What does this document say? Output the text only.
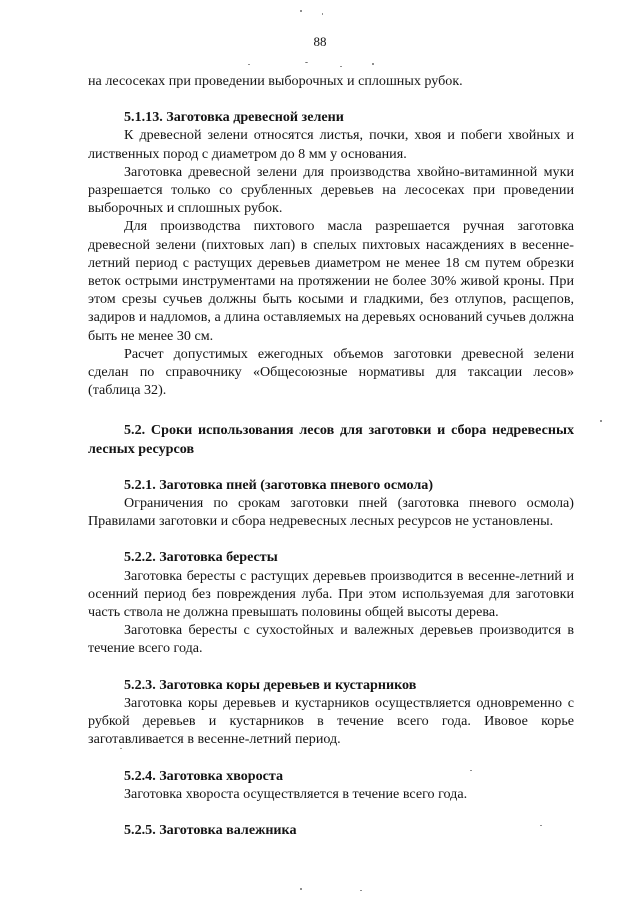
88

на лесосеках при проведении выборочных и сплошных рубок.

5.1.13. Заготовка древесной зелени

К древесной зелени относятся листья, почки, хвоя и побеги хвойных и лиственных пород с диаметром до 8 мм у основания.

Заготовка древесной зелени для производства хвойно-витаминной муки разрешается только со срубленных деревьев на лесосеках при проведении выборочных и сплошных рубок.

Для производства пихтового масла разрешается ручная заготовка древесной зелени (пихтовых лап) в спелых пихтовых насаждениях в весенне-летний период с растущих деревьев диаметром не менее 18 см путем обрезки веток острыми инструментами на протяжении не более 30% живой кроны. При этом срезы сучьев должны быть косыми и гладкими, без отлупов, расщепов, задиров и надломов, а длина оставляемых на деревьях оснований сучьев должна быть не менее 30 см.

Расчет допустимых ежегодных объемов заготовки древесной зелени сделан по справочнику «Общесоюзные нормативы для таксации лесов» (таблица 32).

5.2. Сроки использования лесов для заготовки и сбора недревесных лесных ресурсов

5.2.1. Заготовка пней (заготовка пневого осмола)

Ограничения по срокам заготовки пней (заготовка пневого осмола) Правилами заготовки и сбора недревесных лесных ресурсов не установлены.

5.2.2. Заготовка бересты

Заготовка бересты с растущих деревьев производится в весенне-летний и осенний период без повреждения луба. При этом используемая для заготовки часть ствола не должна превышать половины общей высоты дерева.

Заготовка бересты с сухостойных и валежных деревьев производится в течение всего года.

5.2.3. Заготовка коры деревьев и кустарников

Заготовка коры деревьев и кустарников осуществляется одновременно с рубкой деревьев и кустарников в течение всего года. Ивовое корье заготавливается в весенне-летний период.

5.2.4. Заготовка хвороста

Заготовка хвороста осуществляется в течение всего года.

5.2.5. Заготовка валежника
